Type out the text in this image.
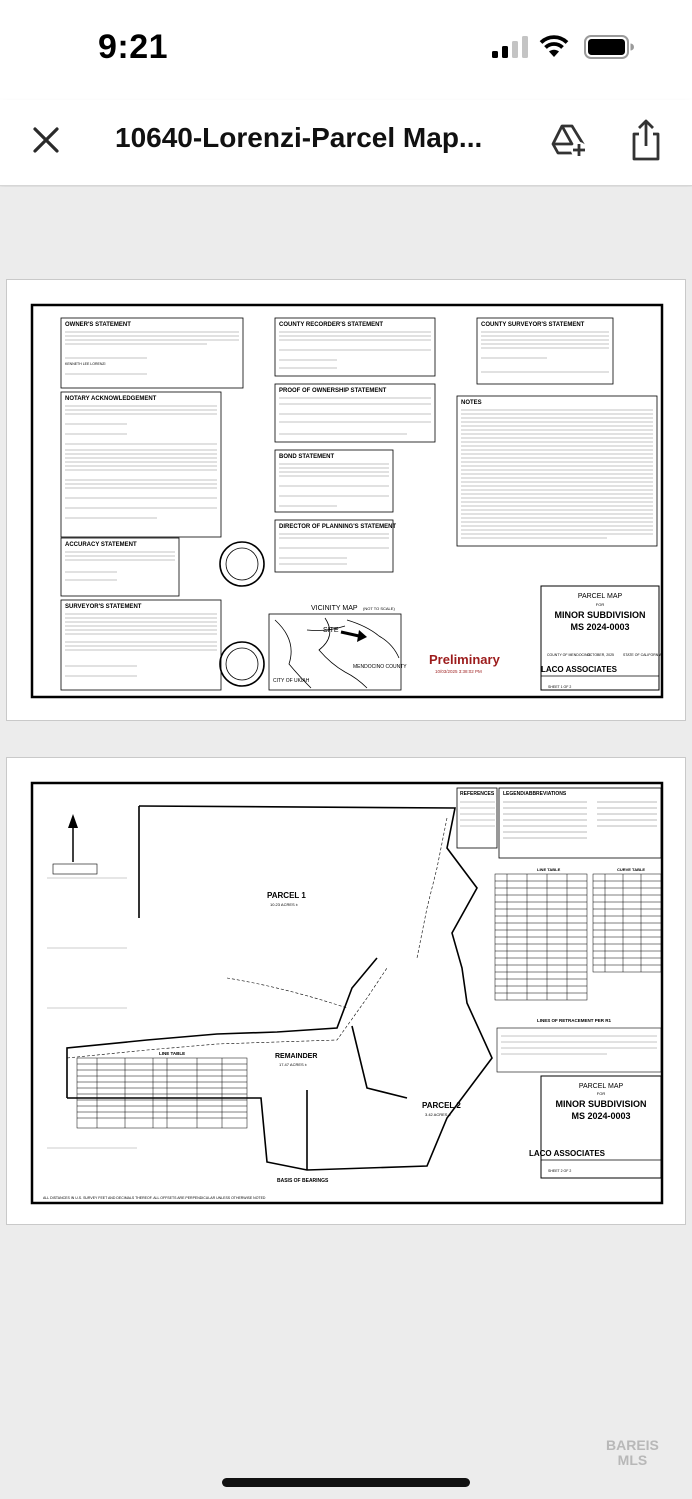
9:21
10640-Lorenzi-Parcel Map...
OWNER'S STATEMENT
KENNETH LEE LORENZI
NOTARY ACKNOWLEDGEMENT
ACCURACY STATEMENT
SURVEYOR'S STATEMENT
COUNTY RECORDER'S STATEMENT
PROOF OF OWNERSHIP STATEMENT
BOND STATEMENT
DIRECTOR OF PLANNING'S STATEMENT
COUNTY SURVEYOR'S STATEMENT
NOTES
VICINITY MAP (NOT TO SCALE)
SITE
MENDOCINO COUNTY
CITY OF UKIAH
Preliminary
10/03/2025 3:38:02 PM
PARCEL MAP
FOR
MINOR SUBDIVISION
MS 2024-0003
COUNTY OF MENDOCINO
OCTOBER, 2025	STATE OF CALIFORNIA
LACO ASSOCIATES
SHEET 1 OF 2
REFERENCES LEGEND/ABBREVIATIONS
PARCEL 1
10.23 ACRES ±
PARCEL 2
3.42 ACRES ±
REMAINDER
17.47 ACRES ±
LINE TABLE
LINE TABLE	CURVE TABLE
LINES OF RETRACEMENT PER R1
BASIS OF BEARINGS
PARCEL MAP
FOR
MINOR SUBDIVISION
MS 2024-0003
LACO ASSOCIATES
SHEET 2 OF 2
ALL DISTANCES IN U.S. SURVEY FEET AND DECIMALS THEREOF. ALL OFFSETS ARE PERPENDICULAR UNLESS OTHERWISE NOTED
BAREIS
MLS
